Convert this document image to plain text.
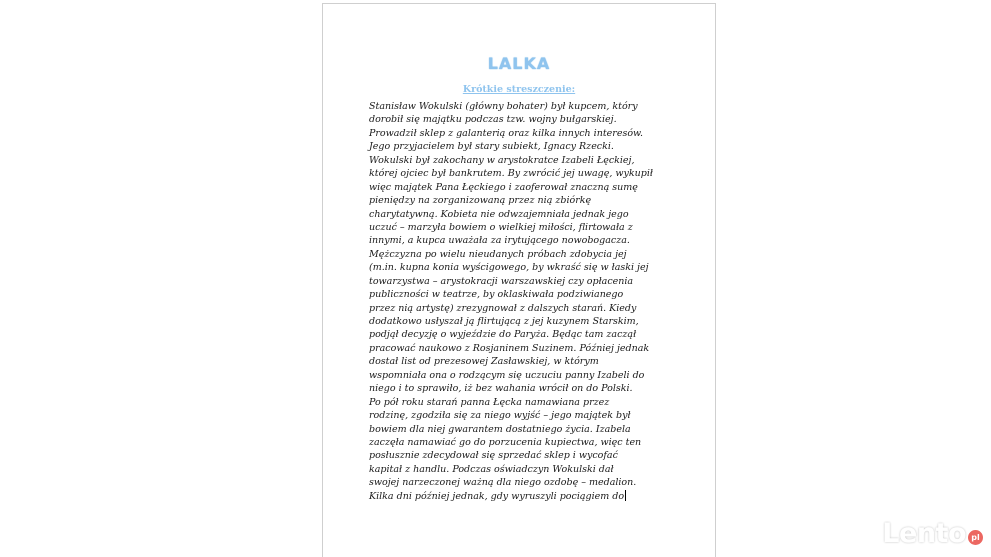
LALKA
Krótkie streszczenie:
Stanisław Wokulski (główny bohater) był kupcem, który
dorobił się majątku podczas tzw. wojny bułgarskiej.
Prowadził sklep z galanterią oraz kilka innych interesów.
Jego przyjacielem był stary subiekt, Ignacy Rzecki.
Wokulski był zakochany w arystokratce Izabeli Łęckiej,
której ojciec był bankrutem. By zwrócić jej uwagę, wykupił
więc majątek Pana Łęckiego i zaoferował znaczną sumę
pieniędzy na zorganizowaną przez nią zbiórkę
charytatywną. Kobieta nie odwzajemniała jednak jego
uczuć – marzyła bowiem o wielkiej miłości, flirtowała z
innymi, a kupca uważała za irytującego nowobogacza.
Mężczyzna po wielu nieudanych próbach zdobycia jej
(m.in. kupna konia wyścigowego, by wkraść się w łaski jej
towarzystwa – arystokracji warszawskiej czy opłacenia
publiczności w teatrze, by oklaskiwała podziwianego
przez nią artystę) zrezygnował z dalszych starań. Kiedy
dodatkowo usłyszał ją flirtującą z jej kuzynem Starskim,
podjął decyzję o wyjeździe do Paryża. Będąc tam zaczął
pracować naukowo z Rosjaninem Suzinem. Później jednak
dostał list od prezesowej Zasławskiej, w którym
wspomniała ona o rodzącym się uczuciu panny Izabeli do
niego i to sprawiło, iż bez wahania wrócił on do Polski.
Po pół roku starań panna Łęcka namawiana przez
rodzinę, zgodziła się za niego wyjść – jego majątek był
bowiem dla niej gwarantem dostatniego życia. Izabela
zaczęła namawiać go do porzucenia kupiectwa, więc ten
posłusznie zdecydował się sprzedać sklep i wycofać
kapitał z handlu. Podczas oświadczyn Wokulski dał
swojej narzeczonej ważną dla niego ozdobę – medalion.
Kilka dni później jednak, gdy wyruszyli pociągiem do
Lento pl
